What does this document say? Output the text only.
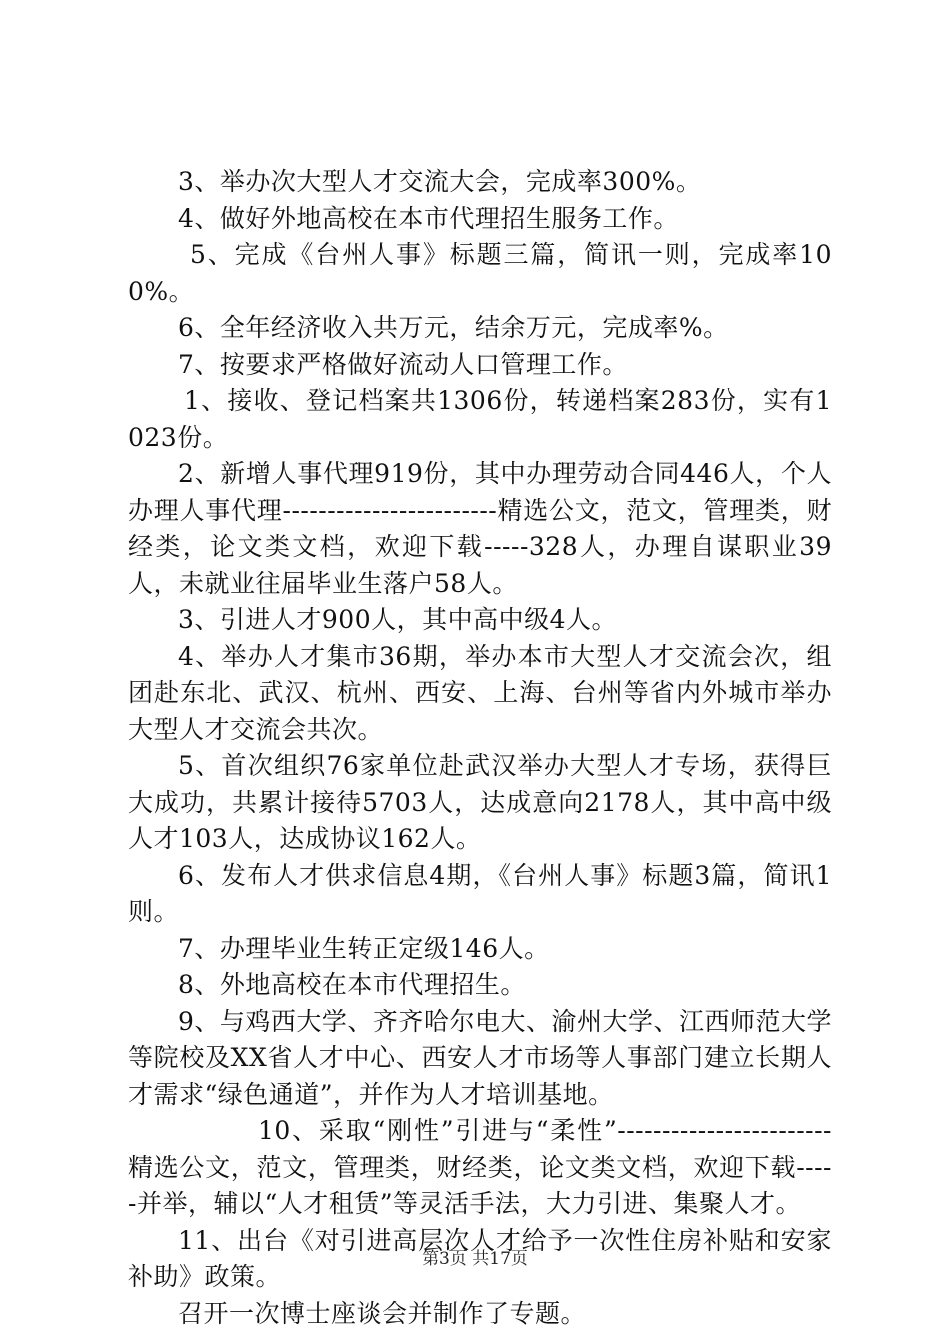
3、举办次大型人才交流大会，完成率300%。

4、做好外地高校在本市代理招生服务工作。

5、完成《台州人事》标题三篇，简讯一则，完成率100%。

6、全年经济收入共万元，结余万元，完成率%。

7、按要求严格做好流动人口管理工作。

1、接收、登记档案共1306份，转递档案283份，实有1023份。

2、新增人事代理919份，其中办理劳动合同446人，个人办理人事代理------------------------精选公文，范文，管理类，财经类，论文类文档，欢迎下载-----328人，办理自谋职业39人，未就业往届毕业生落户58人。

3、引进人才900人，其中高中级4人。

4、举办人才集市36期，举办本市大型人才交流会次，组团赴东北、武汉、杭州、西安、上海、台州等省内外城市举办大型人才交流会共次。

5、首次组织76家单位赴武汉举办大型人才专场，获得巨大成功，共累计接待5703人，达成意向2178人，其中高中级人才103人，达成协议162人。

6、发布人才供求信息4期，《台州人事》标题3篇，简讯1则。

7、办理毕业生转正定级146人。

8、外地高校在本市代理招生。

9、与鸡西大学、齐齐哈尔电大、渝州大学、江西师范大学等院校及XX省人才中心、西安人才市场等人事部门建立长期人才需求“绿色通道”，并作为人才培训基地。

10、采取“刚性”引进与“柔性”------------------------精选公文，范文，管理类，财经类，论文类文档，欢迎下载-----并举，辅以“人才租赁”等灵活手法，大力引进、集聚人才。

11、出台《对引进高层次人才给予一次性住房补贴和安家补助》政策。

召开一次博士座谈会并制作了专题。

第3页 共17页
